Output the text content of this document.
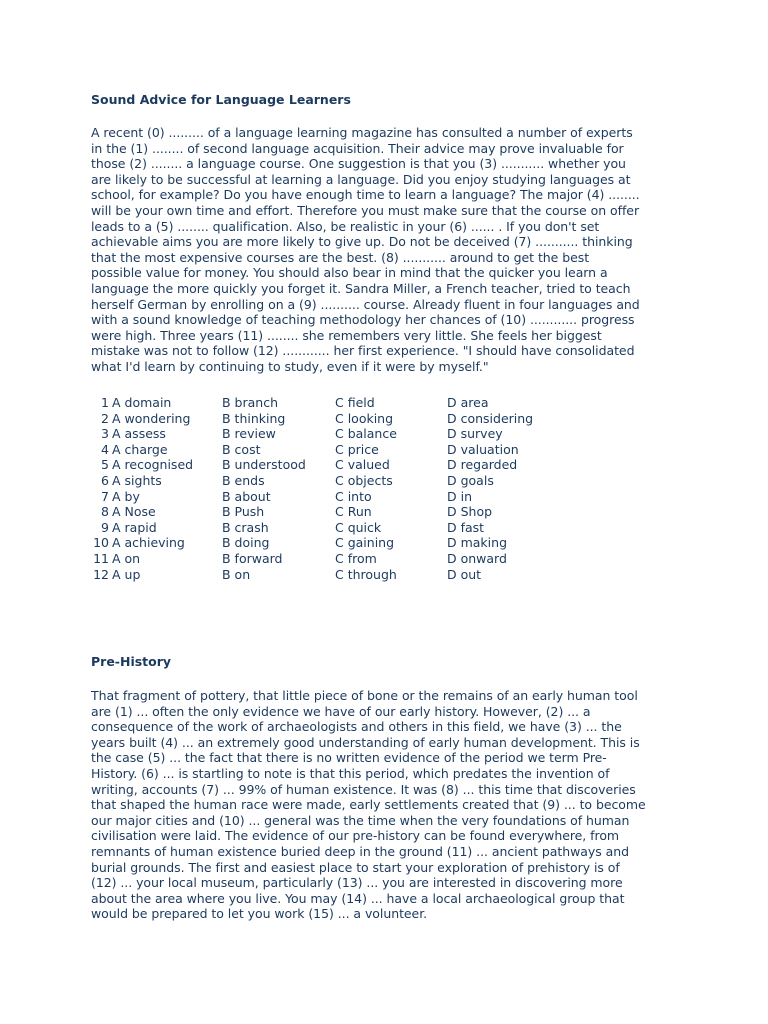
Sound Advice for Language Learners

A recent (0) ......... of a language learning magazine has consulted a number of experts
in the (1) ........ of second language acquisition. Their advice may prove invaluable for
those (2) ........ a language course. One suggestion is that you (3) ........... whether you
are likely to be successful at learning a language. Did you enjoy studying languages at
school, for example? Do you have enough time to learn a language? The major (4) ........
will be your own time and effort. Therefore you must make sure that the course on offer
leads to a (5) ........ qualification. Also, be realistic in your (6) ...... . If you don't set
achievable aims you are more likely to give up. Do not be deceived (7) ........... thinking
that the most expensive courses are the best. (8) ........... around to get the best
possible value for money. You should also bear in mind that the quicker you learn a
language the more quickly you forget it. Sandra Miller, a French teacher, tried to teach
herself German by enrolling on a (9) .......... course. Already fluent in four languages and
with a sound knowledge of teaching methodology her chances of (10) ............ progress
were high. Three years (11) ........ she remembers very little. She feels her biggest
mistake was not to follow (12) ............ her first experience. "I should have consolidated
what I'd learn by continuing to study, even if it were by myself."

1 A domain	B branch	C field	D area
2 A wondering	B thinking	C looking	D considering
3 A assess	B review	C balance	D survey
4 A charge	B cost	C price	D valuation
5 A recognised B understood C valued	D regarded
6 A sights	B ends	C objects	D goals
7 A by	B about	C into	D in
8 A Nose	B Push	C Run	D Shop
9 A rapid	B crash	C quick	D fast
10 A achieving	B doing	C gaining	D making
11 A on	B forward	C from	D onward
12 A up	B on	C through	D out
Pre-History

That fragment of pottery, that little piece of bone or the remains of an early human tool
are (1) ... often the only evidence we have of our early history. However, (2) ... a
consequence of the work of archaeologists and others in this field, we have (3) ... the
years built (4) ... an extremely good understanding of early human development. This is
the case (5) ... the fact that there is no written evidence of the period we term Pre-
History. (6) ... is startling to note is that this period, which predates the invention of
writing, accounts (7) ... 99% of human existence. It was (8) ... this time that discoveries
that shaped the human race were made, early settlements created that (9) ... to become
our major cities and (10) ... general was the time when the very foundations of human
civilisation were laid. The evidence of our pre-history can be found everywhere, from
remnants of human existence buried deep in the ground (11) ... ancient pathways and
burial grounds. The first and easiest place to start your exploration of prehistory is of
(12) ... your local museum, particularly (13) ... you are interested in discovering more
about the area where you live. You may (14) ... have a local archaeological group that
would be prepared to let you work (15) ... a volunteer.
